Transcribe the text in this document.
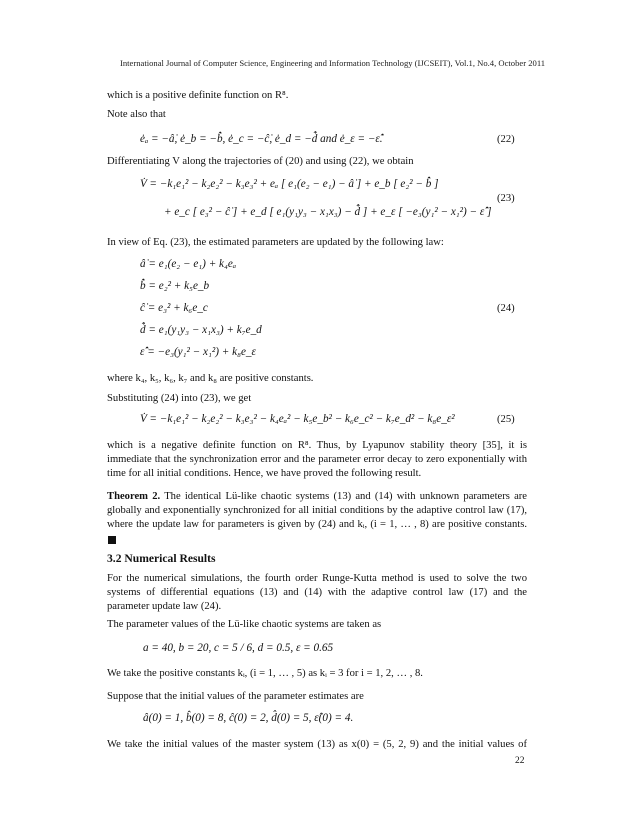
International Journal of Computer Science, Engineering and Information Technology (IJCSEIT), Vol.1, No.4, October 2011
which is a positive definite function on R⁸.
Note also that
ėₐ = −â̇, ė_b = −b̂̇, ė_c = −ĉ̇, ė_d = −d̂̇ and ė_ε = −ε̂̇.	(22)
Differentiating V along the trajectories of (20) and using (22), we obtain
V̇ = −k₁e₁² − k₂e₂² − k₃e₃² + eₐ [ e₁(e₂ − e₁) − â̇ ] + e_b [ e₂² − b̂̇ ]
+ e_c [ e₃² − ĉ̇ ] + e_d [ e₁(y₁y₃ − x₁x₃) − d̂̇ ] + e_ε [ −e₃(y₁² − x₁²) − ε̂̇ ]
(23)
In view of Eq. (23), the estimated parameters are updated by the following law:
â̇ = e₁(e₂ − e₁) + k₄eₐ
b̂̇ = e₂² + k₅e_b
ĉ̇ = e₃² + k₆e_c
d̂̇ = e₁(y₁y₃ − x₁x₃) + k₇e_d
ε̂̇ = −e₃(y₁² − x₁²) + k₈e_ε
(24)
where k₄, k₅, k₆, k₇ and k₈ are positive constants.
Substituting (24) into (23), we get
V̇ = −k₁e₁² − k₂e₂² − k₃e₃² − k₄eₐ² − k₅e_b² − k₆e_c² − k₇e_d² − k₈e_ε²	(25)
which is a negative definite function on R⁸. Thus, by Lyapunov stability theory [35], it is
immediate that the synchronization error and the parameter error decay to zero exponentially with
time for all initial conditions. Hence, we have proved the following result.
Theorem 2. The identical Lü-like chaotic systems (13) and (14) with unknown parameters are
globally and exponentially synchronized for all initial conditions by the adaptive control law (17),
where the update law for parameters is given by (24) and kᵢ, (i = 1, … , 8) are positive constants.
3.2 Numerical Results
For the numerical simulations, the fourth order Runge-Kutta method is used to solve the two
systems of differential equations (13) and (14) with the adaptive control law (17) and the
parameter update law (24).
The parameter values of the Lü-like chaotic systems are taken as
a = 40, b = 20, c = 5 / 6, d = 0.5, ε = 0.65
We take the positive constants kᵢ, (i = 1, … , 5) as kᵢ = 3 for i = 1, 2, … , 8.
Suppose that the initial values of the parameter estimates are
â(0) = 1, b̂(0) = 8, ĉ(0) = 2, d̂(0) = 5, ε̂(0) = 4.
We take the initial values of the master system (13) as x(0) = (5, 2, 9) and the initial values of
22
